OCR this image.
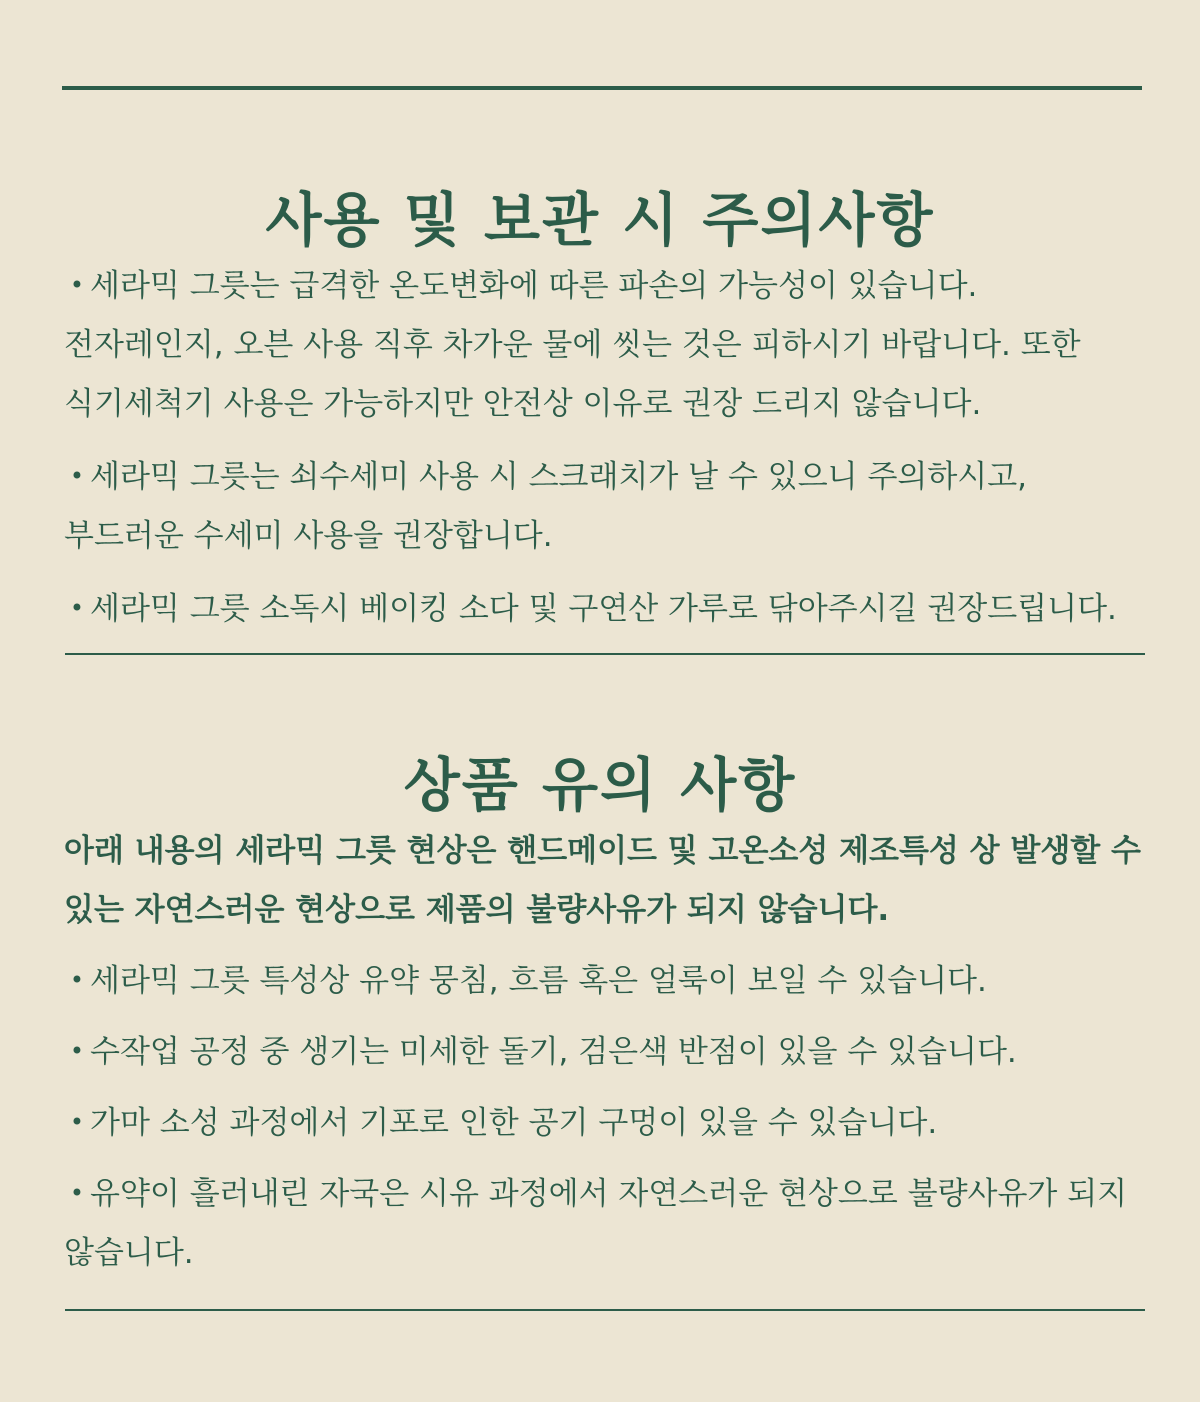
사용 및 보관 시 주의사항

• 세라믹 그릇는 급격한 온도변화에 따른 파손의 가능성이 있습니다. 전자레인지, 오븐 사용 직후 차가운 물에 씻는 것은 피하시기 바랍니다. 또한 식기세척기 사용은 가능하지만 안전상 이유로 권장 드리지 않습니다.

• 세라믹 그릇는 쇠수세미 사용 시 스크래치가 날 수 있으니 주의하시고, 부드러운 수세미 사용을 권장합니다.

• 세라믹 그릇 소독시 베이킹 소다 및 구연산 가루로 닦아주시길 권장드립니다.

상품 유의 사항

아래 내용의 세라믹 그릇 현상은 핸드메이드 및 고온소성 제조특성 상 발생할 수 있는 자연스러운 현상으로 제품의 불량사유가 되지 않습니다.

• 세라믹 그릇 특성상 유약 뭉침, 흐름 혹은 얼룩이 보일 수 있습니다.

• 수작업 공정 중 생기는 미세한 돌기, 검은색 반점이 있을 수 있습니다.

• 가마 소성 과정에서 기포로 인한 공기 구멍이 있을 수 있습니다.

• 유약이 흘러내린 자국은 시유 과정에서 자연스러운 현상으로 불량사유가 되지 않습니다.
